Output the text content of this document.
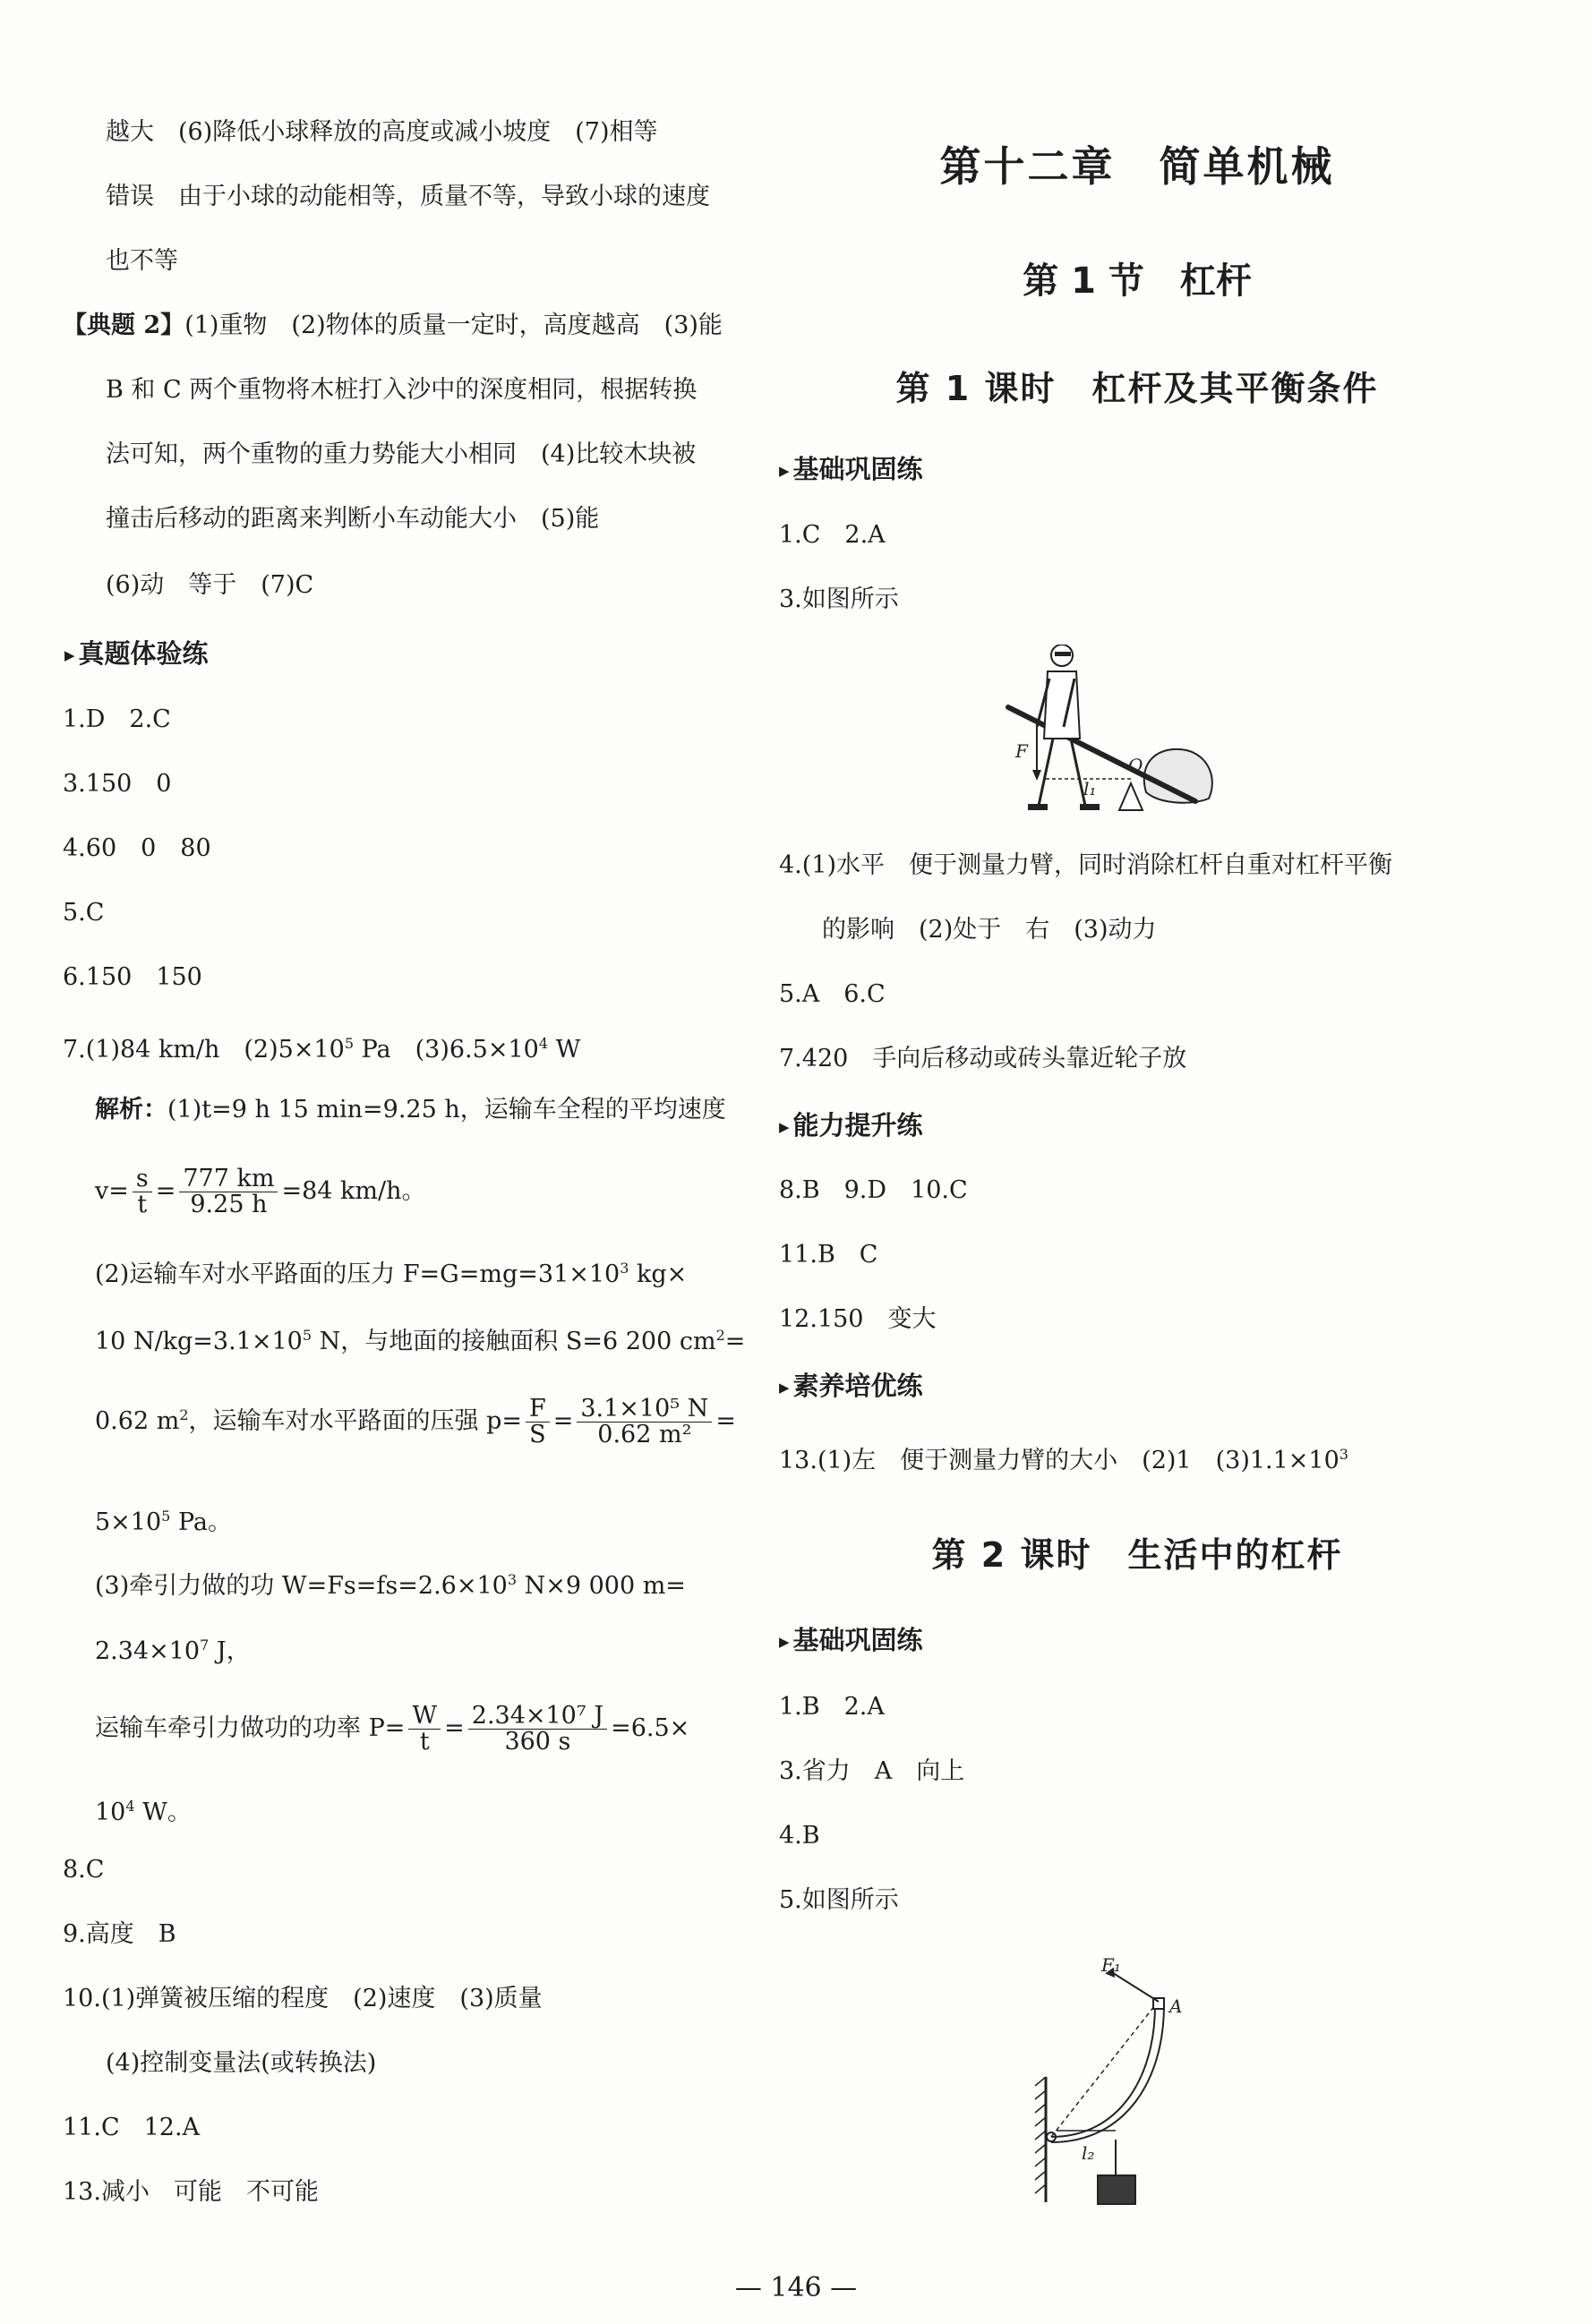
越大　(6)降低小球释放的高度或减小坡度　(7)相等
错误　由于小球的动能相等，质量不等，导致小球的速度
也不等
【典题 2】(1)重物　(2)物体的质量一定时，高度越高　(3)能
B 和 C 两个重物将木桩打入沙中的深度相同，根据转换
法可知，两个重物的重力势能大小相同　(4)比较木块被
撞击后移动的距离来判断小车动能大小　(5)能
(6)动　等于　(7)C
▶ 真题体验练
1.D　2.C
3.150　0
4.60　0　80
5.C
6.150　150
7.(1)84 km/h　$(2)5\times 10^5$ Pa　$(3)6.5\times 10^4$ W
解析：(1)t=9 h 15 min=9.25 h，运输车全程的平均速度
$v= \frac{s}{t} = \frac{777 km}{9.25 h} =84$ km/h。
(2)运输车对水平路面的压力 $F=G=mg=31\times 10^3$ kg×
10 $N/kg=3.1\times 10^5$ N，与地面的接触面积 S=6 200 $cm^2=$
0.62 $m^2$，运输车对水平路面的压强 $p= \frac{F}{S} = \frac{\text{3.1×10⁵ N}}{\text{0.62 m²}}$ =
$5\times 10^5$ Pa。
(3)牵引力做的功 $W=Fs=fs=2.6\times 10^3$ N×9 000 m=
$2.34\times 10^7$ J，
运输车牵引力做功的功率 $P= \frac{W}{t} = \frac{\text{2.34×10⁷ J}}{360 s} =6.5\times$
$10^4$ W。
8.C
9.高度　B
10.(1)弹簧被压缩的程度　(2)速度　(3)质量
(4)控制变量法(或转换法)
11.C　12.A
13.减小　可能　不可能
第十二章　简单机械
第 1 节　杠杆
第 1 课时　杠杆及其平衡条件
▶ 基础巩固练
1.C　2.A
3.如图所示
F
l₁
O
4.(1)水平　便于测量力臂，同时消除杠杆自重对杠杆平衡
的影响　(2)处于　右　(3)动力
5.A　6.C
7.420　手向后移动或砖头靠近轮子放
▶ 能力提升练
8.B　9.D　10.C
11.B　C
12.150　变大
▶ 素养培优练
13.(1)左　便于测量力臂的大小　(2)1　$(3)1.1\times 10^3$
第 2 课时　生活中的杠杆
▶ 基础巩固练
1.B　2.A
3.省力　A　向上
4.B
5.如图所示
F₁
A
l₂
— 146 —
